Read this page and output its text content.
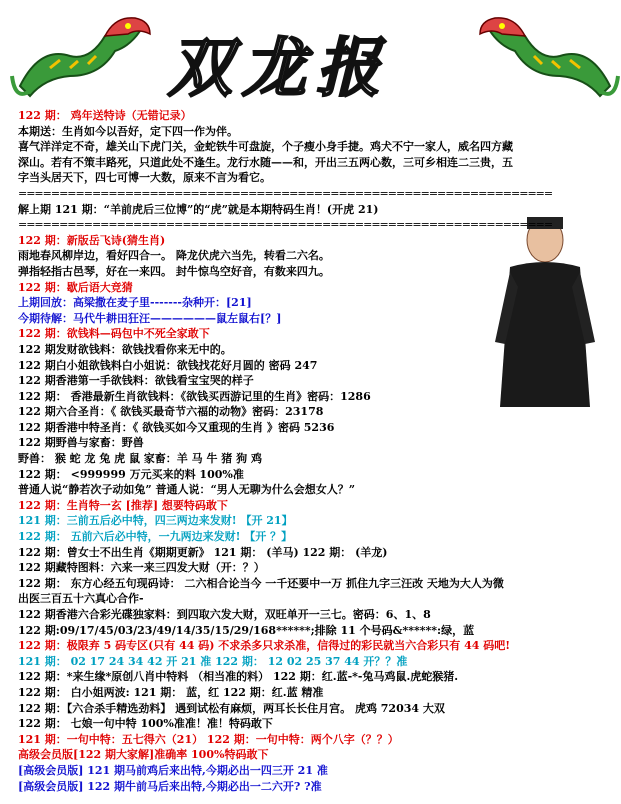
双龙报
122 期： 鸡年送特诗（无错记录）
本期送：生肖如今以吾好，定下四一作为伴。
喜气洋洋定不奇，雄关山下虎门关，金蛇铁牛可盘旋，个子瘦小身手捷。鸡犬不宁一家人，威名四方藏
深山。若有不策丰路死，只道此处不逢生。龙行水随——和，开出三五两心数，三可乡相连二三贵，五
字当头居天下，四七可博一大数，原来不言为看它。
=================================================================
解上期 121 期：“羊前虎后三位博”的“虎”就是本期特码生肖！(开虎 21)
=================================================================
122 期：新版岳飞诗(猜生肖)
雨地春风柳岸边，看好四合一。 降龙伏虎六当先，转看二六名。
弹指轻指古邑琴，好在一来四。 封牛惊鸟空好音，有数来四九。
122 期：歇后语大竞猜
上期回放：高梁撒在麦子里-------杂种开：[21]
今期待解：马代牛耕田狂汪——————鼠左鼠右[？]
122 期：欲钱料—码包中不死全家敢下
122 期发财欲钱料：欲钱找看你来无中的。
122 期白小姐欲钱料白小姐说：欲钱找花好月圆的 密码 247
122 期香港第一手欲钱料：欲钱看宝宝哭的样子
122 期： 香港最新生肖欲钱料：《欲钱买西游记里的生肖》密码：1286
122 期六合圣肖：《 欲钱买最奇节六福的动物》密码：23178
122 期香港中特圣肖：《 欲钱买如今又重现的生肖 》密码 5236
122 期野兽与家畜：野兽
野兽： 猴 蛇 龙 兔 虎 鼠 家畜：羊 马 牛 猪 狗 鸡
122 期： <999999 万元买来的料 100%准
普通人说“静若次子动如兔” 普通人说：“男人无聊为什么会想女人？”
122 期：生肖特一玄 [推荐] 想要特码敢下
121 期：三前五后必中特，四三两边来发财! 【开 21】
122 期： 五前六后必中特，一九两边来发财! 【开 ？】
122 期：曾女士不出生肖《期期更新》 121 期： (羊马) 122 期： (羊龙)
122 期藏特图料：六来一来三四发大财（开：？）
122 期： 东方心经五句现码诗： 二六相合论当今 一千还要中一万 抓住九字三汪改 天地为大人为微
出医三百五十六真心合作-
122 期香港六合彩光碟独家料：到四取六发大财，双旺单开一三七。密码：6、1、8
122 期:09/17/45/03/23/49/14/35/15/29/168******;排除 11 个号码&******:绿，蓝
122 期：极限弃 5 码专区(只有 44 码) 不求杀多只求杀准，信得过的彩民就当六合彩只有 44 码吧!
121 期： 02 17 24 34 42 开 21 准 122 期： 12 02 25 37 44 开？？准
122 期：*来生缘*原创八肖中特料 （相当准的料） 122 期：红.蓝-*-兔马鸡鼠.虎蛇猴猪.
122 期： 白小姐两波: 121 期： 蓝，红 122 期：红.蓝 精准
122 期：【六合杀手精选劲料】 遇到试松有麻烦，两耳长长住月宫。 虎鸡 72034 大双
122 期： 七娘一句中特 100%准准！准！特码敢下
121 期：一句中特：五七得六（21） 122 期：一句中特：两个八字（？？）
高级会员版[122 期大家解]准确率 100%特码敢下
[高级会员版] 121 期马前鸡后来出特,今期必出一四三开 21 准
[高级会员版] 122 期牛前马后来出特,今期必出一二六开? ?准
